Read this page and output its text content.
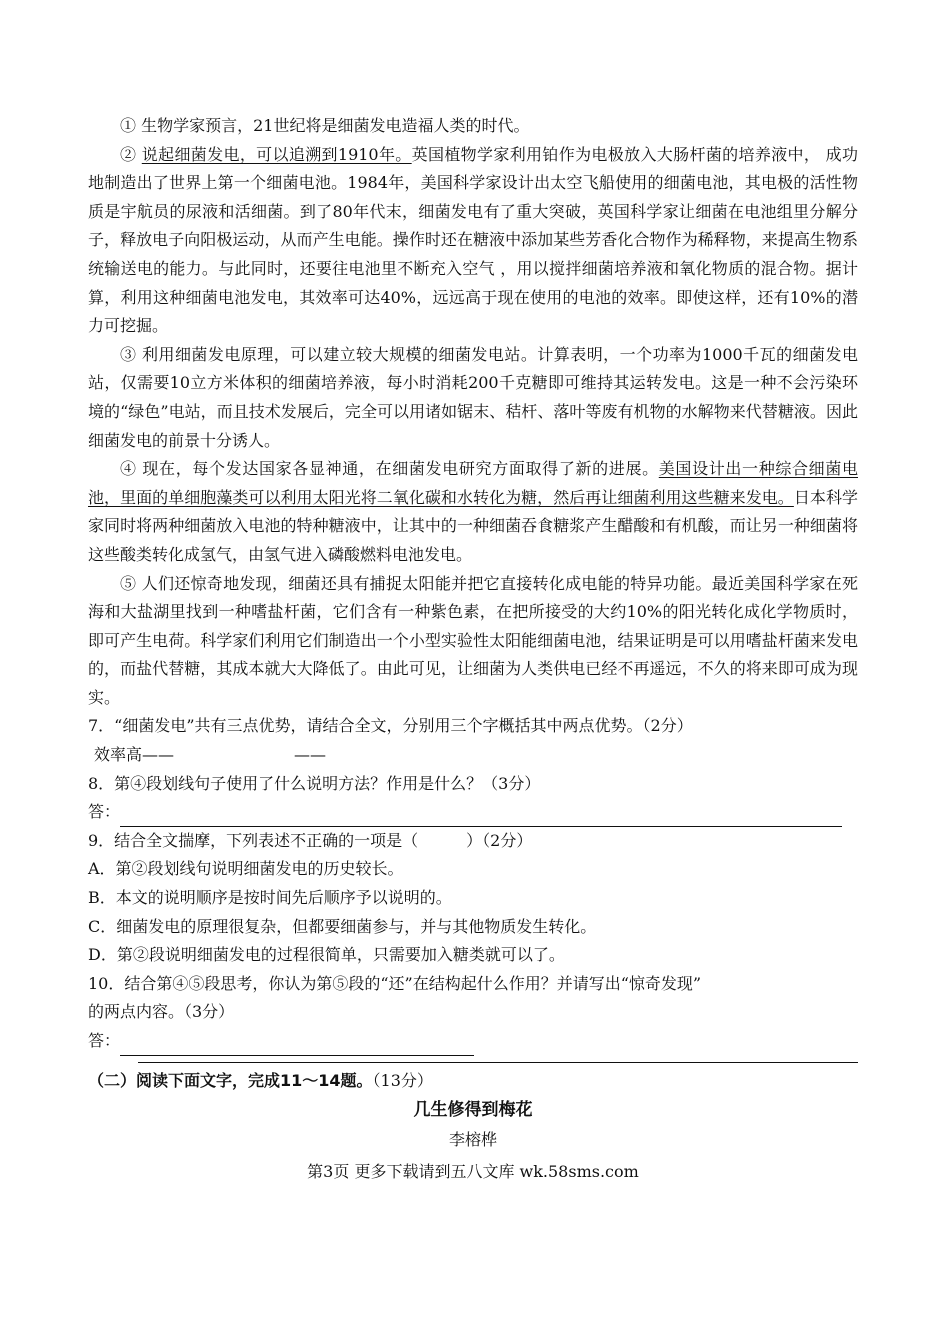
① 生物学家预言，21世纪将是细菌发电造福人类的时代。

② 说起细菌发电，可以追溯到1910年。英国植物学家利用铂作为电极放入大肠杆菌的培养液中， 成功地制造出了世界上第一个细菌电池。1984年，美国科学家设计出太空飞船使用的细菌电池，其电极的活性物质是宇航员的尿液和活细菌。到了80年代末，细菌发电有了重大突破，英国科学家让细菌在电池组里分解分子，释放电子向阳极运动，从而产生电能。操作时还在糖液中添加某些芳香化合物作为稀释物，来提高生物系统输送电的能力。与此同时，还要往电池里不断充入空气 ，用以搅拌细菌培养液和氧化物质的混合物。据计算，利用这种细菌电池发电，其效率可达40%，远远高于现在使用的电池的效率。即使这样，还有10%的潜力可挖掘。

③ 利用细菌发电原理，可以建立较大规模的细菌发电站。计算表明，一个功率为1000千瓦的细菌发电站，仅需要10立方米体积的细菌培养液，每小时消耗200千克糖即可维持其运转发电。这是一种不会污染环境的“绿色”电站，而且技术发展后，完全可以用诸如锯末、秸杆、落叶等废有机物的水解物来代替糖液。因此细菌发电的前景十分诱人。

④ 现在，每个发达国家各显神通，在细菌发电研究方面取得了新的进展。美国设计出一种综合细菌电池，里面的单细胞藻类可以利用太阳光将二氧化碳和水转化为糖，然后再让细菌利用这些糖来发电。日本科学家同时将两种细菌放入电池的特种糖液中，让其中的一种细菌吞食糖浆产生醋酸和有机酸，而让另一种细菌将这些酸类转化成氢气，由氢气进入磷酸燃料电池发电。

⑤ 人们还惊奇地发现，细菌还具有捕捉太阳能并把它直接转化成电能的特异功能。最近美国科学家在死海和大盐湖里找到一种嗜盐杆菌，它们含有一种紫色素，在把所接受的大约10%的阳光转化成化学物质时，即可产生电荷。科学家们利用它们制造出一个小型实验性太阳能细菌电池，结果证明是可以用嗜盐杆菌来发电的，而盐代替糖，其成本就大大降低了。由此可见，让细菌为人类供电已经不再遥远，不久的将来即可成为现实。

7．“细菌发电”共有三点优势，请结合全文，分别用三个字概括其中两点优势。（2分）

效率高——	——

8．第④段划线句子使用了什么说明方法？作用是什么？（3分）

答：

9．结合全文揣摩，下列表述不正确的一项是（　　　）（2分）

A．第②段划线句说明细菌发电的历史较长。

B．本文的说明顺序是按时间先后顺序予以说明的。

C．细菌发电的原理很复杂，但都要细菌参与，并与其他物质发生转化。

D．第②段说明细菌发电的过程很简单，只需要加入糖类就可以了。

10．结合第④⑤段思考，你认为第⑤段的“还”在结构起什么作用？并请写出“惊奇发现”

的两点内容。（3分）

答：

（二）阅读下面文字，完成11～14题。（13分）

几生修得到梅花

李榕桦

第3页 更多下载请到五八文库 wk.58sms.com
